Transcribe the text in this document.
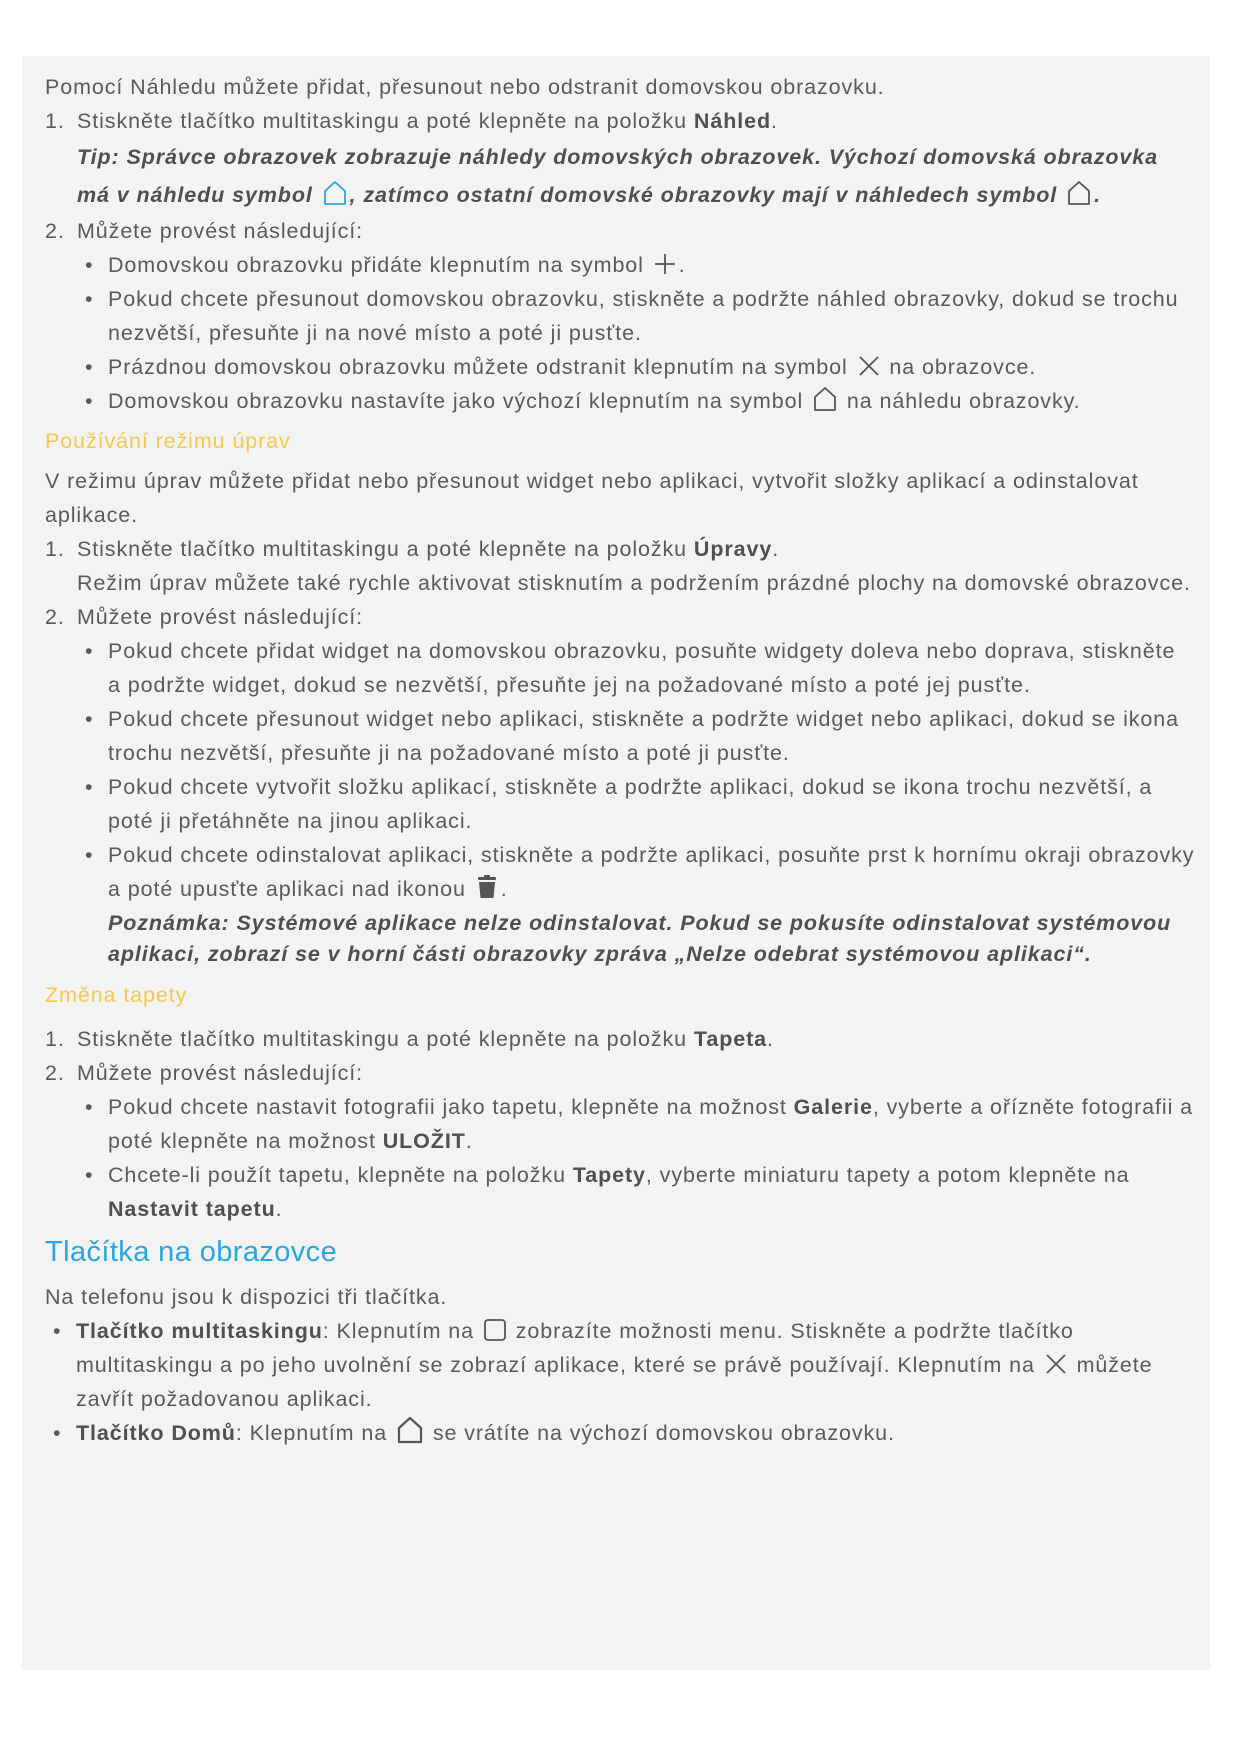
Pomocí Náhledu můžete přidat, přesunout nebo odstranit domovskou obrazovku.

1. Stiskněte tlačítko multitaskingu a poté klepněte na položku Náhled.
Tip: Správce obrazovek zobrazuje náhledy domovských obrazovek. Výchozí domovská obrazovka má v náhledu symbol
, zatímco ostatní domovské obrazovky mají v náhledech symbol
.
2. Můžete provést následující:
• Domovskou obrazovku přidáte klepnutím na symbol
.
• Pokud chcete přesunout domovskou obrazovku, stiskněte a podržte náhled obrazovky, dokud se trochu nezvětší, přesuňte ji na nové místo a poté ji pusťte.
• Prázdnou domovskou obrazovku můžete odstranit klepnutím na symbol
na obrazovce.
• Domovskou obrazovku nastavíte jako výchozí klepnutím na symbol
na náhledu obrazovky.

Používání režimu úprav

V režimu úprav můžete přidat nebo přesunout widget nebo aplikaci, vytvořit složky aplikací a odinstalovat aplikace.

1. Stiskněte tlačítko multitaskingu a poté klepněte na položku Úpravy.

Režim úprav můžete také rychle aktivovat stisknutím a podržením prázdné plochy na domovské obrazovce.

2. Můžete provést následující:
• Pokud chcete přidat widget na domovskou obrazovku, posuňte widgety doleva nebo doprava, stiskněte a podržte widget, dokud se nezvětší, přesuňte jej na požadované místo a poté jej pusťte.
• Pokud chcete přesunout widget nebo aplikaci, stiskněte a podržte widget nebo aplikaci, dokud se ikona trochu nezvětší, přesuňte ji na požadované místo a poté ji pusťte.
• Pokud chcete vytvořit složku aplikací, stiskněte a podržte aplikaci, dokud se ikona trochu nezvětší, a poté ji přetáhněte na jinou aplikaci.
• Pokud chcete odinstalovat aplikaci, stiskněte a podržte aplikaci, posuňte prst k hornímu okraji obrazovky a poté upusťte aplikaci nad ikonou
.
Poznámka: Systémové aplikace nelze odinstalovat. Pokud se pokusíte odinstalovat systémovou aplikaci, zobrazí se v horní části obrazovky zpráva „Nelze odebrat systémovou aplikaci“.

Změna tapety

1. Stiskněte tlačítko multitaskingu a poté klepněte na položku Tapeta.
2. Můžete provést následující:
• Pokud chcete nastavit fotografii jako tapetu, klepněte na možnost Galerie, vyberte a ořízněte fotografii a poté klepněte na možnost ULOŽIT.
• Chcete-li použít tapetu, klepněte na položku Tapety, vyberte miniaturu tapety a potom klepněte na Nastavit tapetu.

Tlačítka na obrazovce

Na telefonu jsou k dispozici tři tlačítka.

• Tlačítko multitaskingu: Klepnutím na
zobrazíte možnosti menu. Stiskněte a podržte tlačítko multitaskingu a po jeho uvolnění se zobrazí aplikace, které se právě používají. Klepnutím na
můžete zavřít požadovanou aplikaci.
• Tlačítko Domů: Klepnutím na
se vrátíte na výchozí domovskou obrazovku.
